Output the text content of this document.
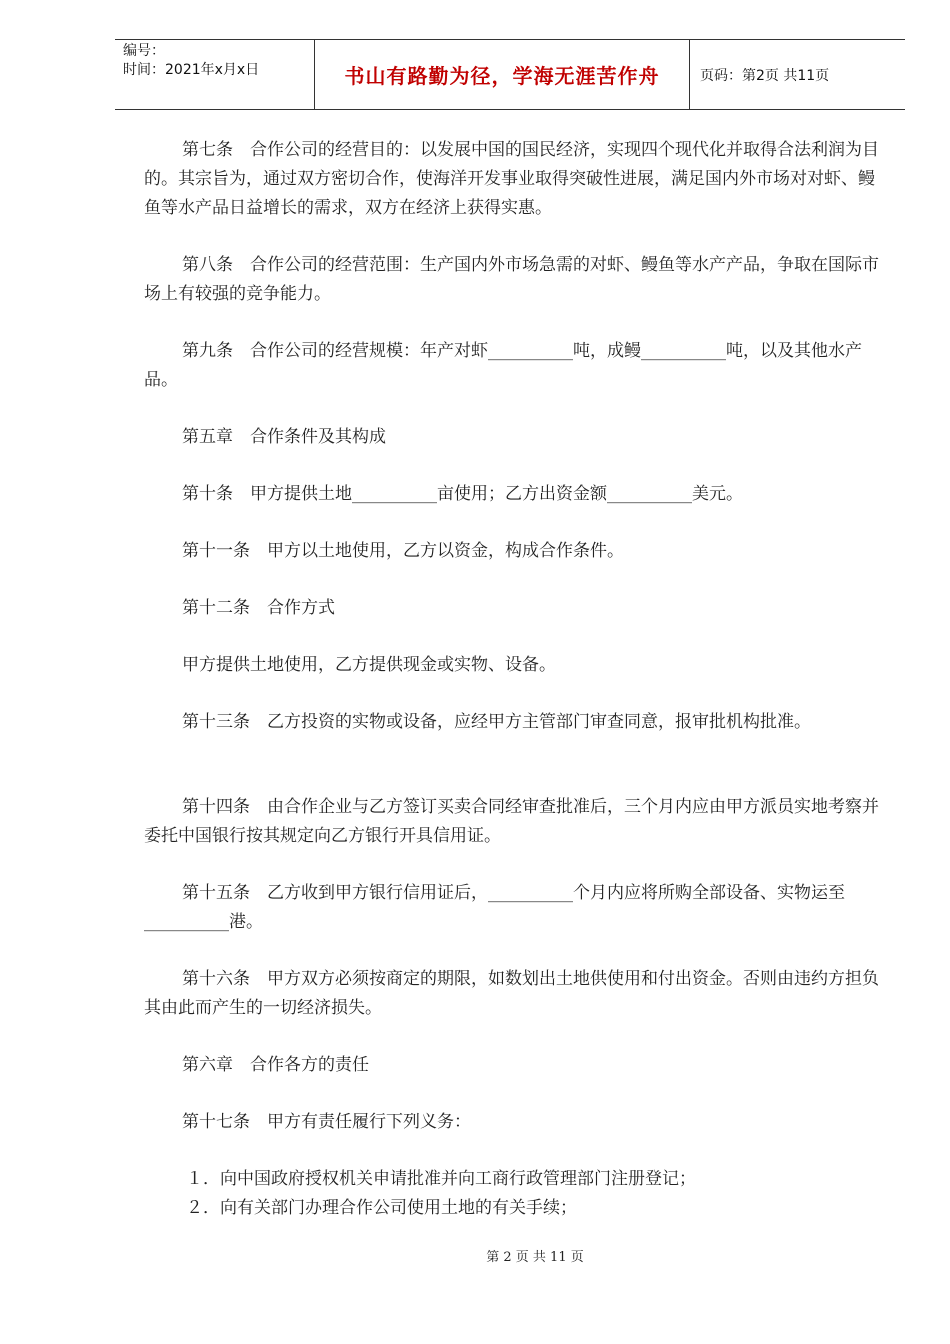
编号：
时间：2021年x月x日	书山有路勤为径，学海无涯苦作舟	页码：第2页 共11页

第七条　合作公司的经营目的：以发展中国的国民经济，实现四个现代化并取得合法利润为目的。其宗旨为，通过双方密切合作，使海洋开发事业取得突破性进展，满足国内外市场对对虾、鳗鱼等水产品日益增长的需求，双方在经济上获得实惠。

第八条　合作公司的经营范围：生产国内外市场急需的对虾、鳗鱼等水产产品，争取在国际市场上有较强的竞争能力。

第九条　合作公司的经营规模：年产对虾__________吨，成鳗__________吨，以及其他水产品。

第五章　合作条件及其构成

第十条　甲方提供土地__________亩使用；乙方出资金额__________美元。

第十一条　甲方以土地使用，乙方以资金，构成合作条件。

第十二条　合作方式

甲方提供土地使用，乙方提供现金或实物、设备。

第十三条　乙方投资的实物或设备，应经甲方主管部门审查同意，报审批机构批准。

第十四条　由合作企业与乙方签订买卖合同经审查批准后，三个月内应由甲方派员实地考察并委托中国银行按其规定向乙方银行开具信用证。

第十五条　乙方收到甲方银行信用证后，__________个月内应将所购全部设备、实物运至__________港。

第十六条　甲方双方必须按商定的期限，如数划出土地供使用和付出资金。否则由违约方担负其由此而产生的一切经济损失。

第六章　合作各方的责任

第十七条　甲方有责任履行下列义务：

１．向中国政府授权机关申请批准并向工商行政管理部门注册登记；

２．向有关部门办理合作公司使用土地的有关手续；

第 2 页 共 11 页
